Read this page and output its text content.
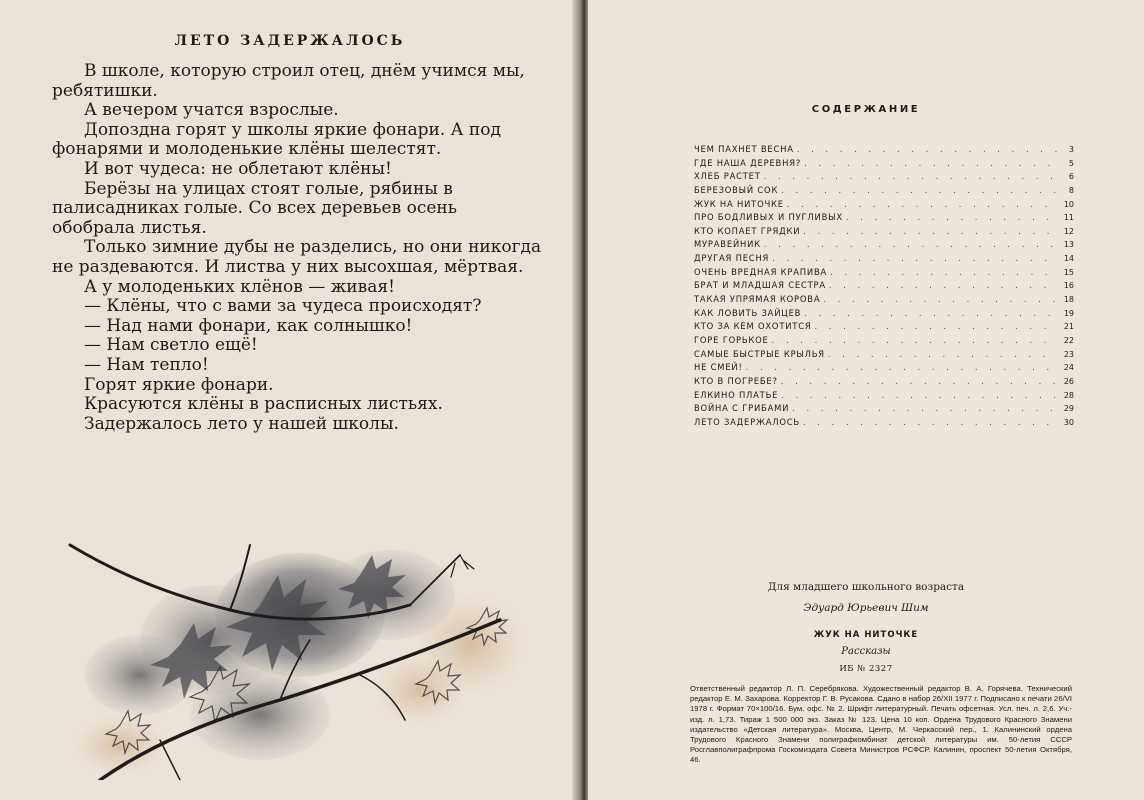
ЛЕТО ЗАДЕРЖАЛОСЬ

В школе, которую строил отец, днём учимся мы, ребятишки.

А вечером учатся взрослые.

Допоздна горят у школы яркие фонари. А под фонарями и молоденькие клёны шелестят.

И вот чудеса: не облетают клёны!

Берёзы на улицах стоят голые, рябины в палисадниках голые. Со всех деревьев осень обобрала листья.

Только зимние дубы не разделись, но они никогда не раздеваются. И листва у них высохшая, мёртвая.

А у молоденьких клёнов — живая!

— Клёны, что с вами за чудеса происходят?

— Над нами фонари, как солнышко!

— Нам светло ещё!

— Нам тепло!

Горят яркие фонари.

Красуются клёны в расписных листьях.

Задержалось лето у нашей школы.

СОДЕРЖАНИЕ
ЧЕМ ПАХНЕТ ВЕСНА . . .	3
ГДЕ НАША ДЕРЕВНЯ? . . .	5
ХЛЕБ РАСТЕТ . . .	6
БЕРЕЗОВЫЙ СОК . . .	8
ЖУК НА НИТОЧКЕ . . .	10
ПРО БОДЛИВЫХ И ПУГЛИВЫХ . . .	11
КТО КОПАЕТ ГРЯДКИ . . .	12
МУРАВЕЙНИК . . .	13
ДРУГАЯ ПЕСНЯ . . .	14
ОЧЕНЬ ВРЕДНАЯ КРАПИВА . . .	15
БРАТ И МЛАДШАЯ СЕСТРА . . .	16
ТАКАЯ УПРЯМАЯ КОРОВА . . .	18
КАК ЛОВИТЬ ЗАЙЦЕВ . . .	19
КТО ЗА КЕМ ОХОТИТСЯ . . .	21
ГОРЕ ГОРЬКОЕ . . .	22
САМЫЕ БЫСТРЫЕ КРЫЛЬЯ . . .	23
НЕ СМЕЙ! . . .	24
КТО В ПОГРЕБЕ? . . .	26
ЕЛКИНО ПЛАТЬЕ . . .	28
ВОЙНА С ГРИБАМИ . . .	29
ЛЕТО ЗАДЕРЖАЛОСЬ . . .	30
Для младшего школьного возраста
Эдуард Юрьевич Шим
ЖУК НА НИТОЧКЕ
Рассказы
ИБ № 2327
Ответственный редактор Л. П. Серебрякова. Художественный редактор В. А. Горячева. Технический редактор Е. М. Захарова. Корректор Г. В. Русакова. Сдано в набор 26/XII 1977 г. Подписано к печати 26/VI 1978 г. Формат 70×100/16. Бум. офс. № 2. Шрифт литературный. Печать офсетная. Усл. печ. л. 2,6. Уч.-изд. л. 1,73. Тираж 1 500 000 экз. Заказ № 123. Цена 10 коп. Ордена Трудового Красного Знамени издательство «Детская литература». Москва, Центр, М. Черкасский пер., 1. Калининский ордена Трудового Красного Знамени полиграфкомбинат детской литературы им. 50-летия СССР Росглавполиграфпрома Госкомиздата Совета Министров РСФСР. Калинин, проспект 50-летия Октября, 46.
